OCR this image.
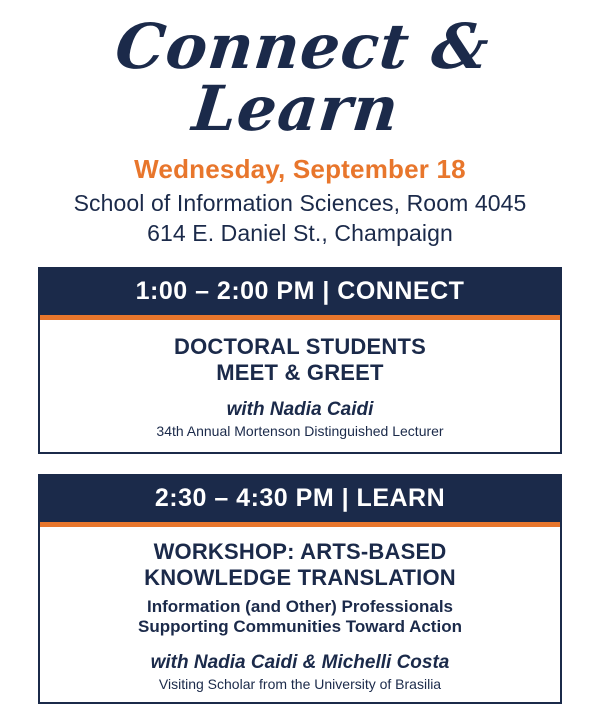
Connect & Learn
Wednesday, September 18
School of Information Sciences, Room 4045
614 E. Daniel St., Champaign
1:00 – 2:00 PM | CONNECT
DOCTORAL STUDENTS
MEET & GREET
with Nadia Caidi
34th Annual Mortenson Distinguished Lecturer
2:30 – 4:30 PM | LEARN
WORKSHOP: ARTS-BASED
KNOWLEDGE TRANSLATION
Information (and Other) Professionals
Supporting Communities Toward Action
with Nadia Caidi & Michelli Costa
Visiting Scholar from the University of Brasilia
